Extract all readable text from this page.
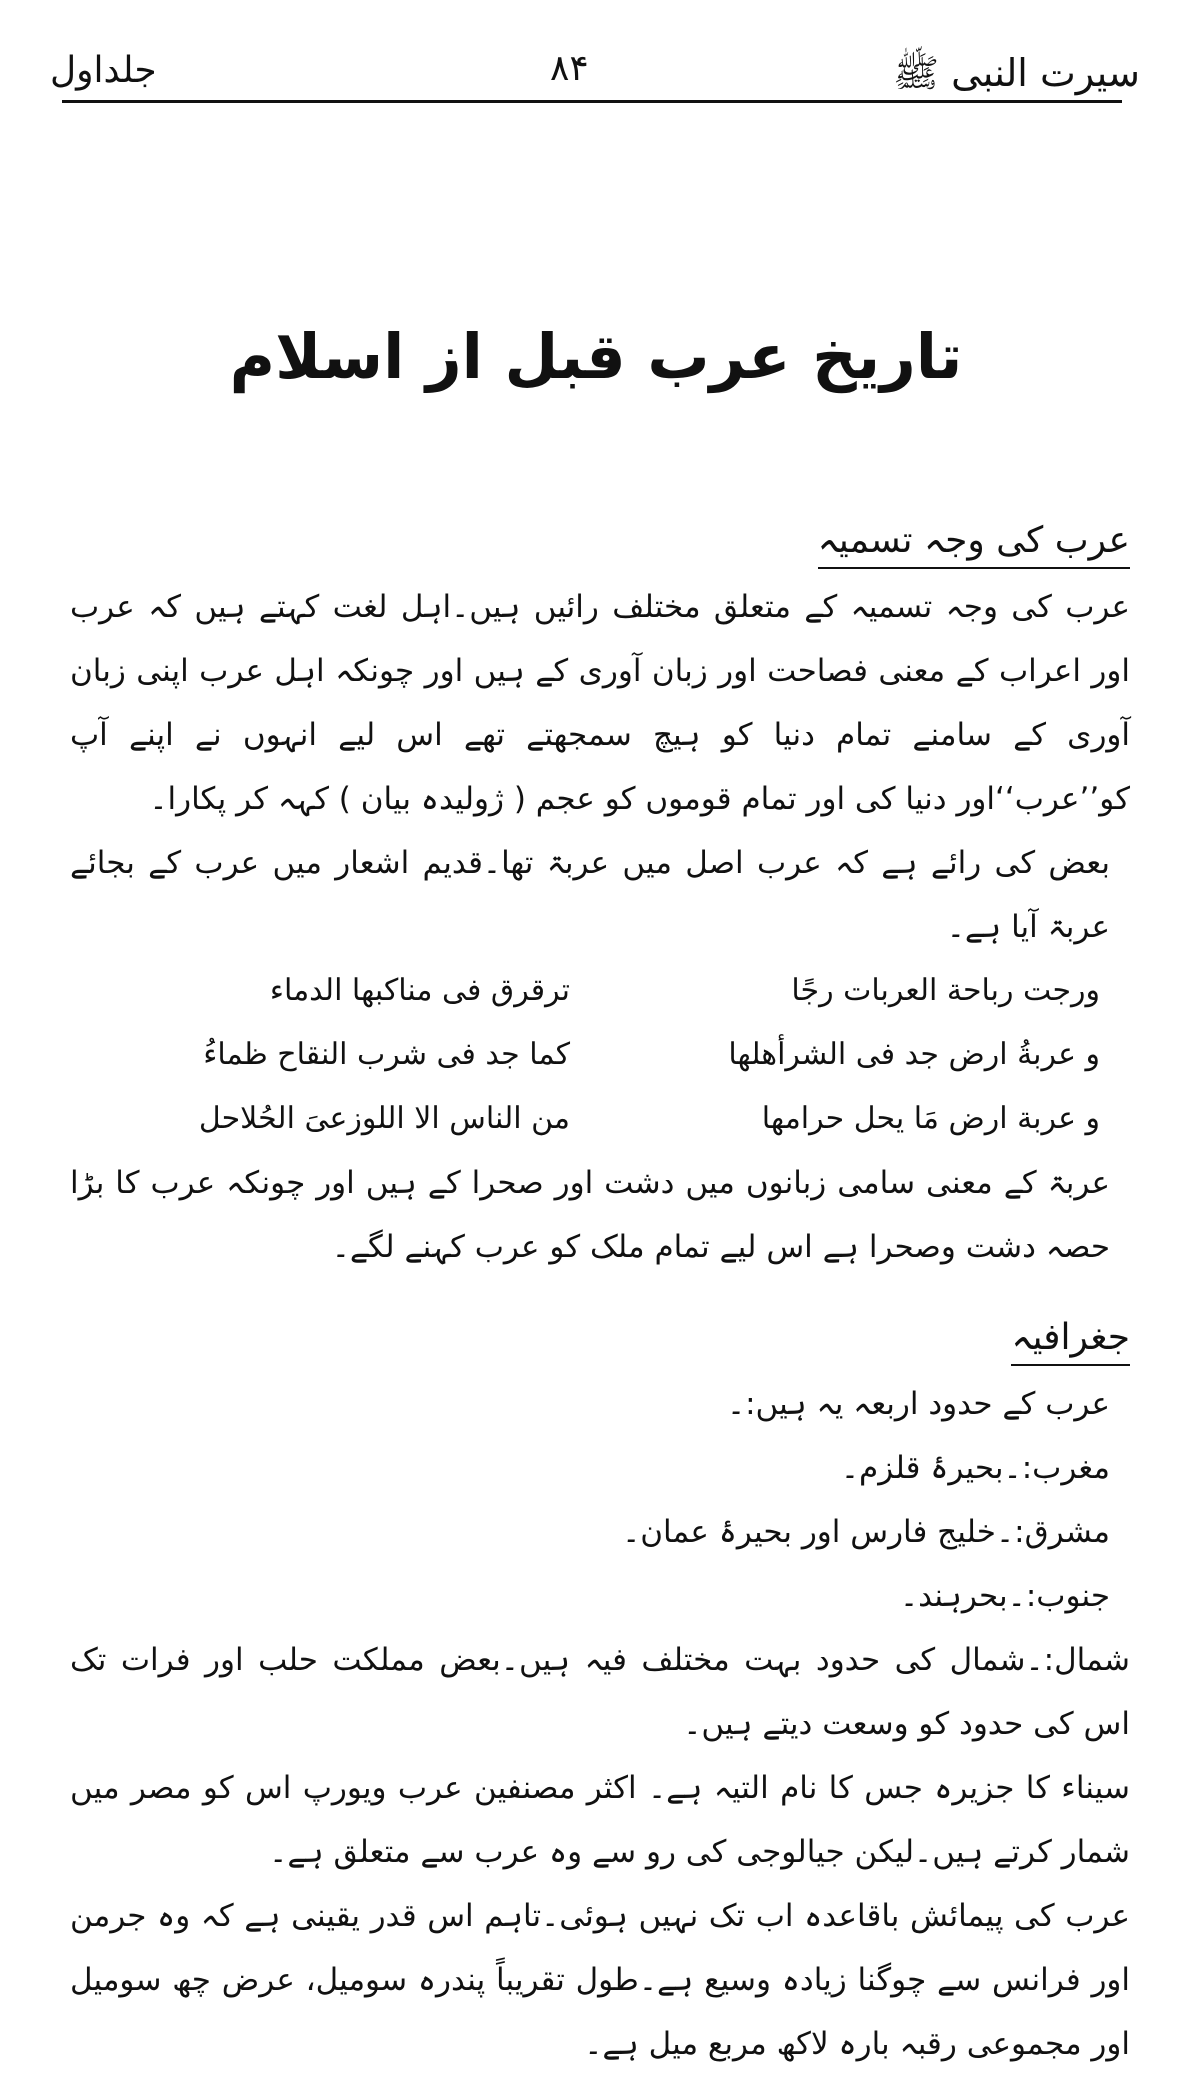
سیرت النبی ﷺ
۸۴
جلداول
تاریخ عرب قبل از اسلام
عرب کی وجہ تسمیہ

عرب کی وجہ تسمیہ کے متعلق مختلف رائیں ہیں۔اہل لغت کہتے ہیں کہ عرب اور اعراب کے معنی فصاحت اور زبان آوری کے ہیں اور چونکہ اہل عرب اپنی زبان آوری کے سامنے تمام دنیا کو ہیچ سمجھتے تھے اس لیے انہوں نے اپنے آپ کو’’عرب‘‘اور دنیا کی اور تمام قوموں کو عجم ( ژولیدہ بیان ) کہہ کر پکارا۔

بعض کی رائے ہے کہ عرب اصل میں عربۃ تھا۔قدیم اشعار میں عرب کے بجائے عربۃ آیا ہے۔

ورجت رباحة العربات رجًا
ترقرق فی مناکبها الدماء
و عربةُ ارض جد فی الشرأهلها
کما جد فی شرب النقاح ظماءُ
و عربة ارض مَا يحل حرامها
من الناس الا اللوزعیَ الحُلاحل

عربۃ کے معنی سامی زبانوں میں دشت اور صحرا کے ہیں اور چونکہ عرب کا بڑا حصہ دشت وصحرا ہے اس لیے تمام ملک کو عرب کہنے لگے۔

جغرافیہ
عرب کے حدود اربعہ یہ ہیں:۔
مغرب:۔بحیرۂ قلزم۔
مشرق:۔خلیج فارس اور بحیرۂ عمان۔
جنوب:۔بحرہند۔

شمال:۔شمال کی حدود بہت مختلف فیہ ہیں۔بعض مملکت حلب اور فرات تک اس کی حدود کو وسعت دیتے ہیں۔

سیناء کا جزیرہ جس کا نام التیہ ہے۔ اکثر مصنفین عرب ویورپ اس کو مصر میں شمار کرتے ہیں۔لیکن جیالوجی کی رو سے وہ عرب سے متعلق ہے۔

عرب کی پیمائش باقاعدہ اب تک نہیں ہوئی۔تاہم اس قدر یقینی ہے کہ وہ جرمن اور فرانس سے چوگنا زیادہ وسیع ہے۔طول تقریباً پندرہ سومیل، عرض چھ سومیل اور مجموعی رقبہ بارہ لاکھ مربع میل ہے۔
